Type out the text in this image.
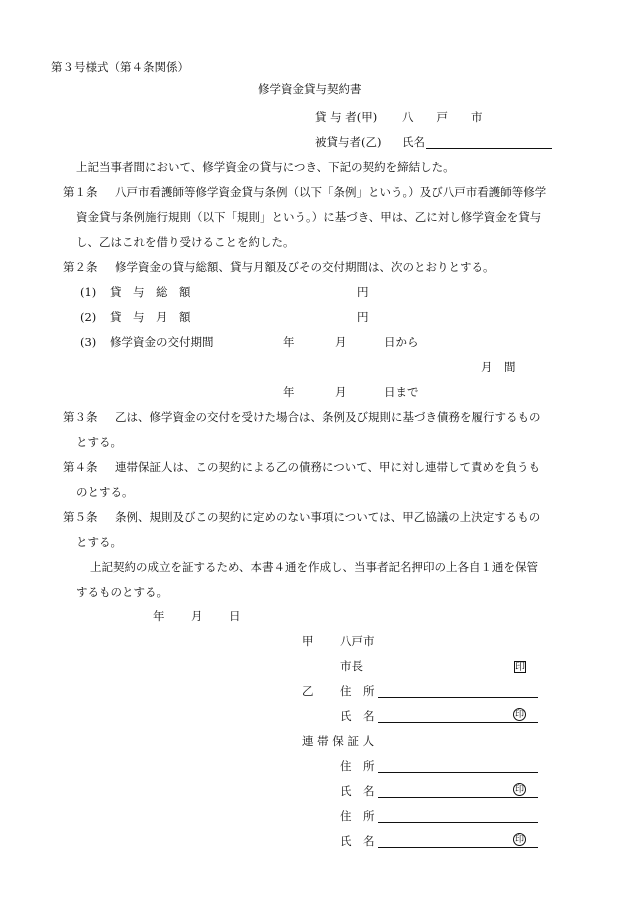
第３号様式（第４条関係）
修学資金貸与契約書
貸 与 者(甲) 八　　戸　　市
被貸与者(乙) 氏名
上記当事者間において、修学資金の貸与につき、下記の契約を締結した。
第１条 八戸市看護師等修学資金貸与条例（以下「条例」という。）及び八戸市看護師等修学
資金貸与条例施行規則（以下「規則」という。）に基づき、甲は、乙に対し修学資金を貸与
し、乙はこれを借り受けることを約した。
第２条 修学資金の貸与総額、貸与月額及びその交付期間は、次のとおりとする。
(1) 貸　与　総　額	円
(2) 貸　与　月　額	円
(3) 修学資金の交付期間	年	月	日から
月　間
年	月	日まで
第３条 乙は、修学資金の交付を受けた場合は、条例及び規則に基づき債務を履行するもの
とする。
第４条 連帯保証人は、この契約による乙の債務について、甲に対し連帯して責めを負うも
のとする。
第５条 条例、規則及びこの契約に定めのない事項については、甲乙協議の上決定するもの
とする。
上記契約の成立を証するため、本書４通を作成し、当事者記名押印の上各自１通を保管
するものとする。
年 月 日
甲 八戸市
市長	印
乙 住　所
氏　名	印
連 帯 保 証 人
住　所
氏　名	印
住　所
氏　名	印
